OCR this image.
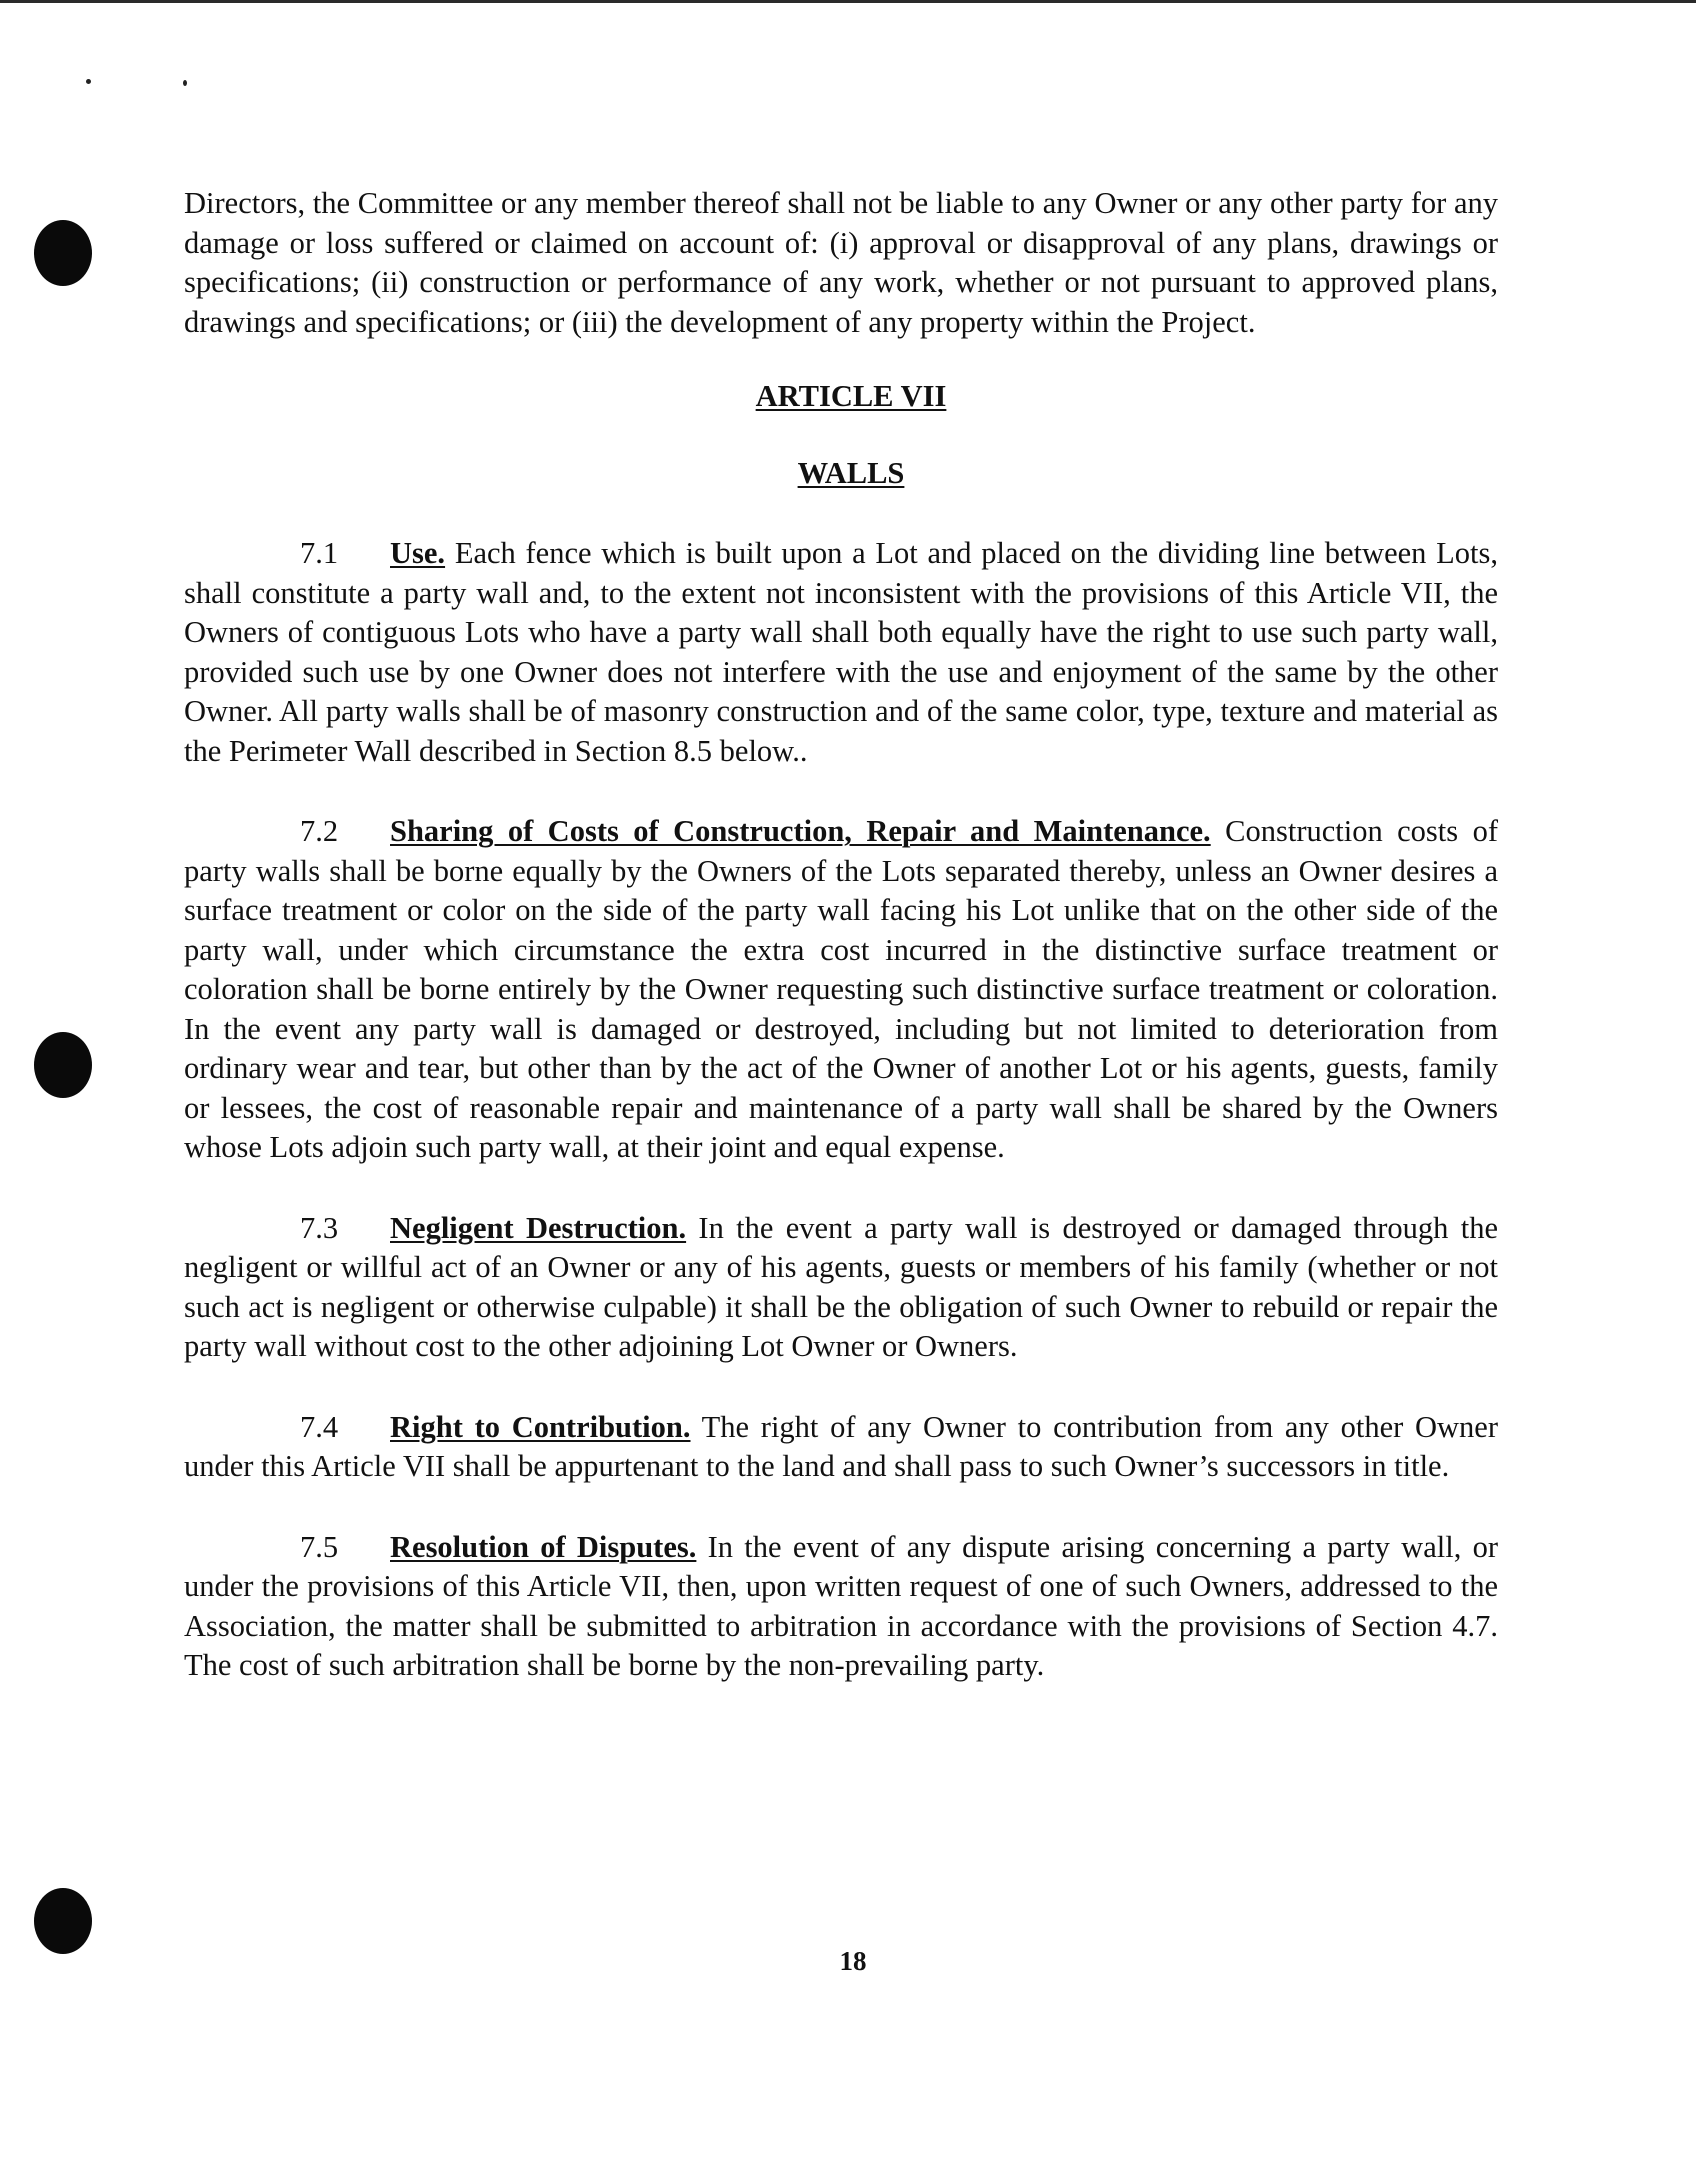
Directors, the Committee or any member thereof shall not be liable to any Owner or any other party for any damage or loss suffered or claimed on account of: (i) approval or disapproval of any plans, drawings or specifications; (ii) construction or performance of any work, whether or not pursuant to approved plans, drawings and specifications; or (iii) the development of any property within the Project.

ARTICLE VII

WALLS

7.1 Use. Each fence which is built upon a Lot and placed on the dividing line between Lots, shall constitute a party wall and, to the extent not inconsistent with the provisions of this Article VII, the Owners of contiguous Lots who have a party wall shall both equally have the right to use such party wall, provided such use by one Owner does not interfere with the use and enjoyment of the same by the other Owner. All party walls shall be of masonry construction and of the same color, type, texture and material as the Perimeter Wall described in Section 8.5 below..

7.2 Sharing of Costs of Construction, Repair and Maintenance. Construction costs of party walls shall be borne equally by the Owners of the Lots separated thereby, unless an Owner desires a surface treatment or color on the side of the party wall facing his Lot unlike that on the other side of the party wall, under which circumstance the extra cost incurred in the distinctive surface treatment or coloration shall be borne entirely by the Owner requesting such distinctive surface treatment or coloration. In the event any party wall is damaged or destroyed, including but not limited to deterioration from ordinary wear and tear, but other than by the act of the Owner of another Lot or his agents, guests, family or lessees, the cost of reasonable repair and maintenance of a party wall shall be shared by the Owners whose Lots adjoin such party wall, at their joint and equal expense.

7.3 Negligent Destruction. In the event a party wall is destroyed or damaged through the negligent or willful act of an Owner or any of his agents, guests or members of his family (whether or not such act is negligent or otherwise culpable) it shall be the obligation of such Owner to rebuild or repair the party wall without cost to the other adjoining Lot Owner or Owners.

7.4 Right to Contribution. The right of any Owner to contribution from any other Owner under this Article VII shall be appurtenant to the land and shall pass to such Owner’s successors in title.

7.5 Resolution of Disputes. In the event of any dispute arising concerning a party wall, or under the provisions of this Article VII, then, upon written request of one of such Owners, addressed to the Association, the matter shall be submitted to arbitration in accordance with the provisions of Section 4.7. The cost of such arbitration shall be borne by the non-prevailing party.

18
